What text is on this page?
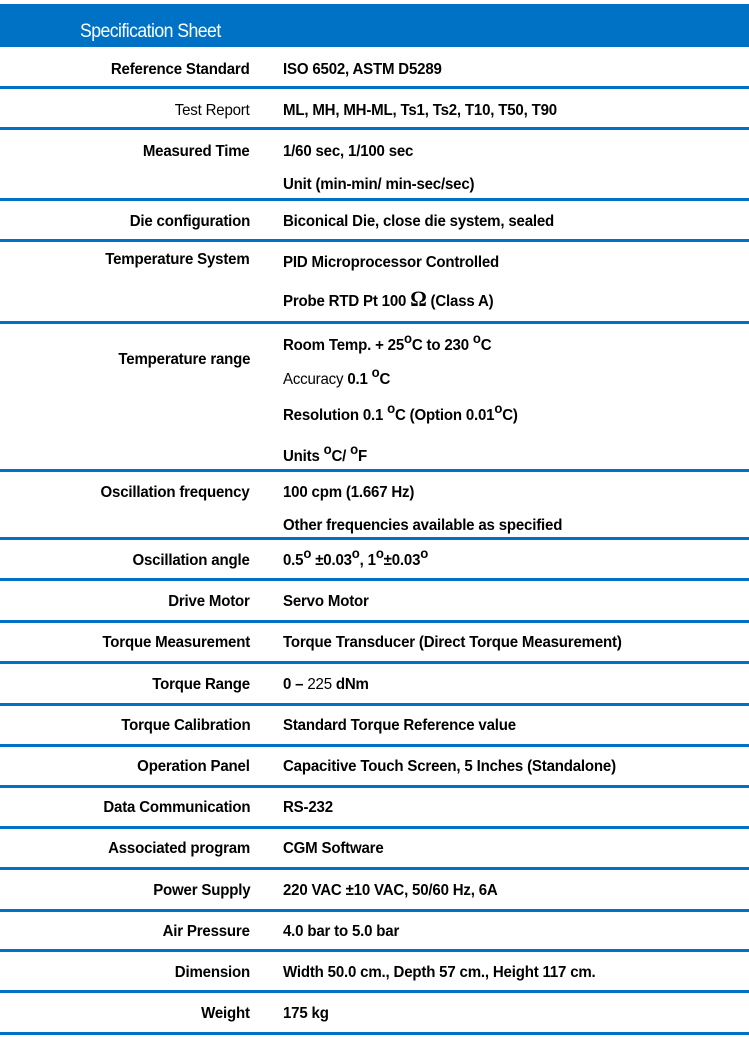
Specification Sheet
Reference Standard ISO 6502, ASTM D5289
Test Report ML, MH, MH-ML, Ts1, Ts2, T10, T50, T90
Measured Time 1/60 sec, 1/100 sec
Unit (min-min/ min-sec/sec)
Die configuration Biconical Die, close die system, sealed
Temperature System PID Microprocessor Controlled
Probe RTD Pt 100 Ω (Class A)
Temperature range
Room Temp. + 25oC to 230 oC
Accuracy 0.1 oC
Resolution 0.1 oC (Option 0.01oC)
Units oC/ oF
Oscillation frequency 100 cpm (1.667 Hz)
Other frequencies available as specified
Oscillation angle 0.5o ±0.03o, 1o±0.03o
Drive Motor Servo Motor
Torque Measurement Torque Transducer (Direct Torque Measurement)
Torque Range 0 – 225 dNm
Torque Calibration Standard Torque Reference value
Operation Panel Capacitive Touch Screen, 5 Inches (Standalone)
Data Communication RS-232
Associated program CGM Software
Power Supply 220 VAC ±10 VAC, 50/60 Hz, 6A
Air Pressure 4.0 bar to 5.0 bar
Dimension Width 50.0 cm., Depth 57 cm., Height 117 cm.
Weight 175 kg
